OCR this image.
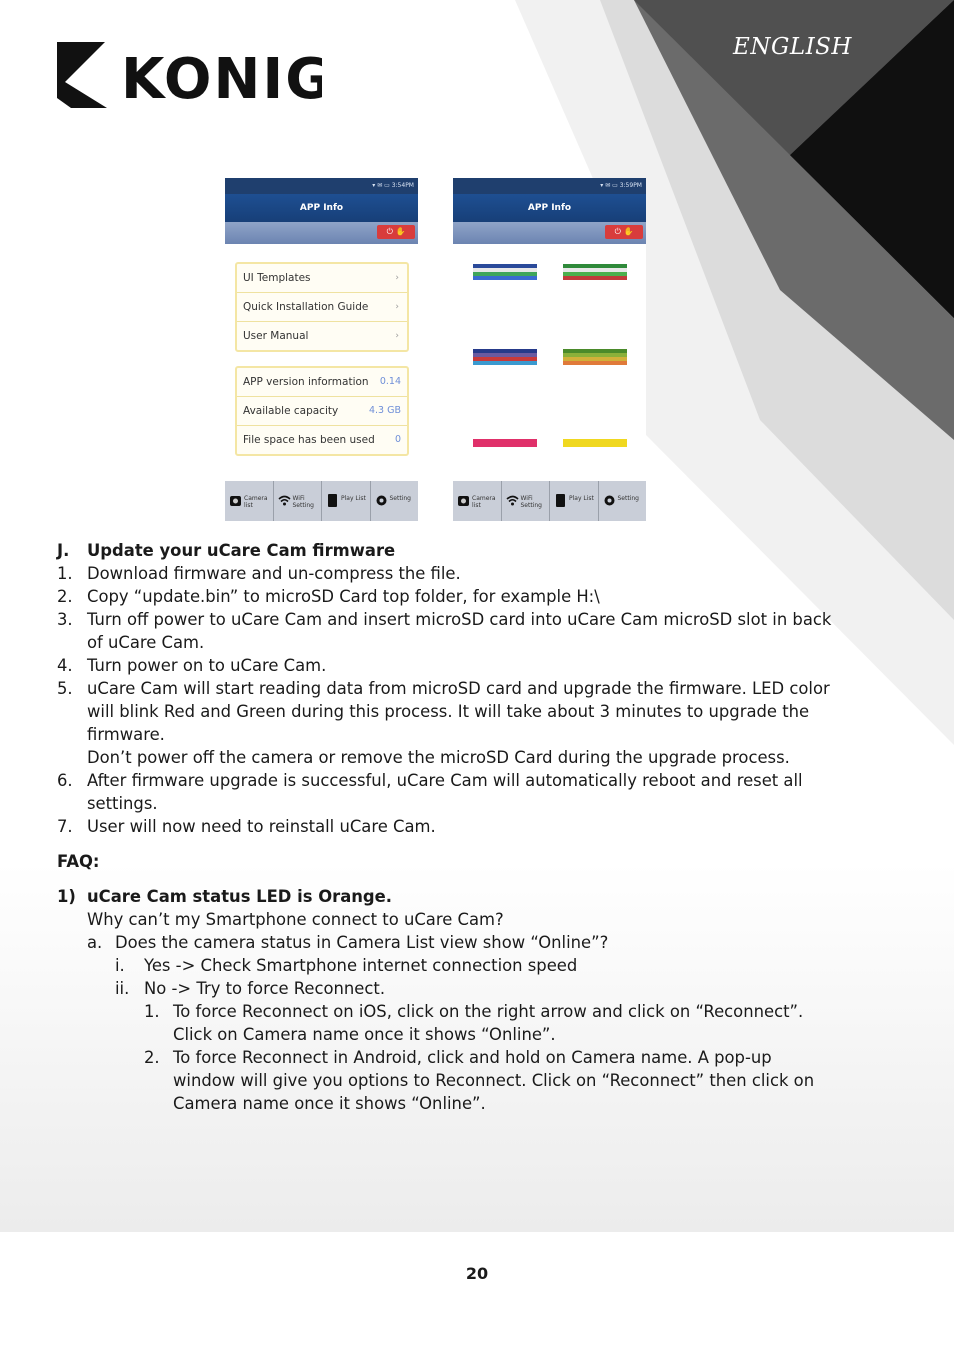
KONIG	ENGLISH
▾ ✉ ▭ 3:54PM
APP Info
⏻ ✋
UI Templates	›
Quick Installation Guide	›
User Manual	›
APP version information 0.14
Available capacity	4.3 GB
File space has been used 0
Camera list
WiFi Setting
Play List	Setting
▾ ✉ ▭ 3:59PM
APP Info
⏻ ✋
Camera list
WiFi Setting
Play List	Setting
J. Update your uCare Cam firmware
1. Download firmware and un-compress the file.
2. Copy “update.bin” to microSD Card top folder, for example H:\
3. Turn off power to uCare Cam and insert microSD card into uCare Cam microSD slot in back
of uCare Cam.
4. Turn power on to uCare Cam.
5. uCare Cam will start reading data from microSD card and upgrade the firmware. LED color
will blink Red and Green during this process. It will take about 3 minutes to upgrade the
firmware.
Don’t power off the camera or remove the microSD Card during the upgrade process.
6. After firmware upgrade is successful, uCare Cam will automatically reboot and reset all
settings.
7. User will now need to reinstall uCare Cam.
FAQ:
1) uCare Cam status LED is Orange.
Why can’t my Smartphone connect to uCare Cam?
a. Does the camera status in Camera List view show “Online”?
i. Yes -> Check Smartphone internet connection speed
ii. No -> Try to force Reconnect.
1. To force Reconnect on iOS, click on the right arrow and click on “Reconnect”.
Click on Camera name once it shows “Online”.
2. To force Reconnect in Android, click and hold on Camera name. A pop-up
window will give you options to Reconnect. Click on “Reconnect” then click on
Camera name once it shows “Online”.
20
